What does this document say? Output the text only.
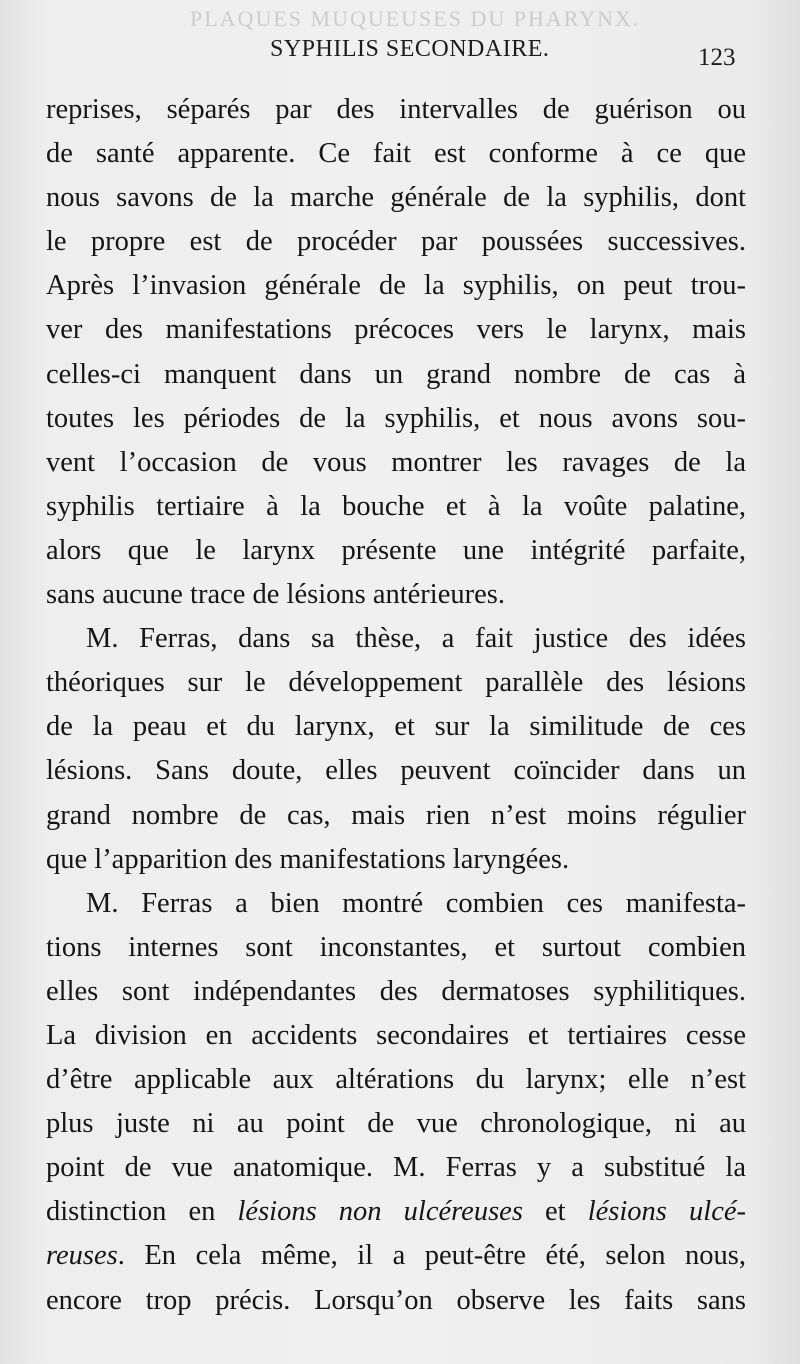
PLAQUES MUQUEUSES DU PHARYNX.
SYPHILIS SECONDAIRE.	123
reprises, séparés par des intervalles de guérison ou
de santé apparente. Ce fait est conforme à ce que
nous savons de la marche générale de la syphilis, dont
le propre est de procéder par poussées successives.
Après l’invasion générale de la syphilis, on peut trou-
ver des manifestations précoces vers le larynx, mais
celles-ci manquent dans un grand nombre de cas à
toutes les périodes de la syphilis, et nous avons sou-
vent l’occasion de vous montrer les ravages de la
syphilis tertiaire à la bouche et à la voûte palatine,
alors que le larynx présente une intégrité parfaite,
sans aucune trace de lésions antérieures.
M. Ferras, dans sa thèse, a fait justice des idées
théoriques sur le développement parallèle des lésions
de la peau et du larynx, et sur la similitude de ces
lésions. Sans doute, elles peuvent coïncider dans un
grand nombre de cas, mais rien n’est moins régulier
que l’apparition des manifestations laryngées.
M. Ferras a bien montré combien ces manifesta-
tions internes sont inconstantes, et surtout combien
elles sont indépendantes des dermatoses syphilitiques.
La division en accidents secondaires et tertiaires cesse
d’être applicable aux altérations du larynx; elle n’est
plus juste ni au point de vue chronologique, ni au
point de vue anatomique. M. Ferras y a substitué la
distinction en lésions non ulcéreuses et lésions ulcé-
reuses. En cela même, il a peut-être été, selon nous,
encore trop précis. Lorsqu’on observe les faits sans
